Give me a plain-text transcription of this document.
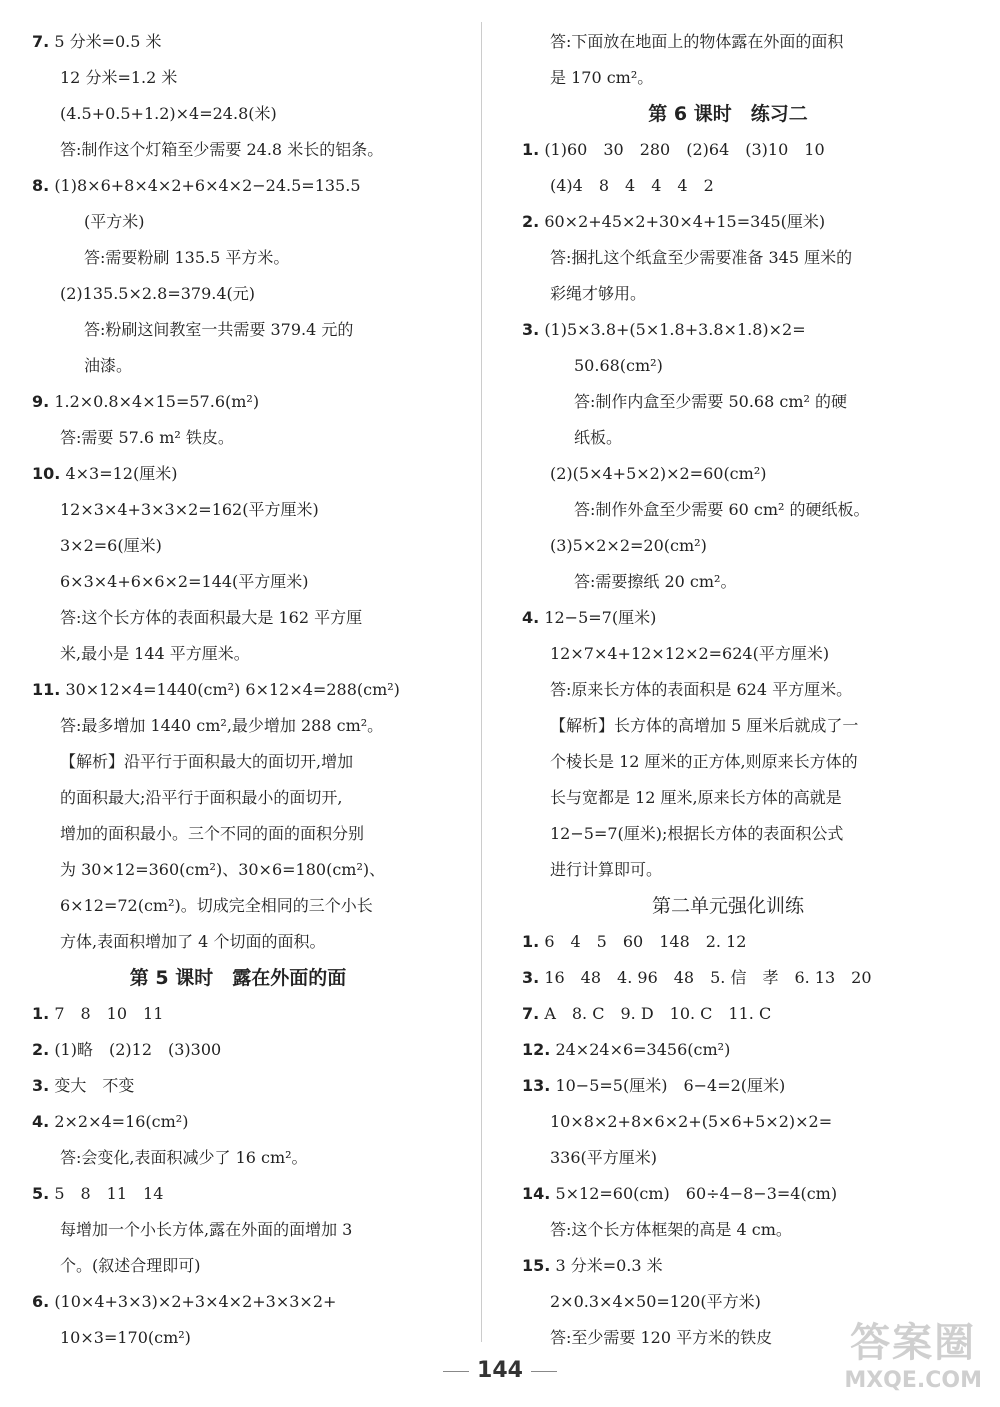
7. 5 分米=0.5 米
12 分米=1.2 米
(4.5+0.5+1.2)×4=24.8(米)
答:制作这个灯箱至少需要 24.8 米长的铝条。
8. (1)8×6+8×4×2+6×4×2−24.5=135.5
(平方米)
答:需要粉刷 135.5 平方米。
(2)135.5×2.8=379.4(元)
答:粉刷这间教室一共需要 379.4 元的
油漆。
9. 1.2×0.8×4×15=57.6(m²)
答:需要 57.6 m² 铁皮。
10. 4×3=12(厘米)
12×3×4+3×3×2=162(平方厘米)
3×2=6(厘米)
6×3×4+6×6×2=144(平方厘米)
答:这个长方体的表面积最大是 162 平方厘
米,最小是 144 平方厘米。
11. 30×12×4=1440(cm²) 6×12×4=288(cm²)
答:最多增加 1440 cm²,最少增加 288 cm²。
【解析】沿平行于面积最大的面切开,增加
的面积最大;沿平行于面积最小的面切开,
增加的面积最小。三个不同的面的面积分别
为 30×12=360(cm²)、30×6=180(cm²)、
6×12=72(cm²)。切成完全相同的三个小长
方体,表面积增加了 4 个切面的面积。
第 5 课时　露在外面的面
1. 7　8　10　11
2. (1)略　(2)12　(3)300
3. 变大　不变
4. 2×2×4=16(cm²)
答:会变化,表面积减少了 16 cm²。
5. 5　8　11　14
每增加一个小长方体,露在外面的面增加 3
个。(叙述合理即可)
6. (10×4+3×3)×2+3×4×2+3×3×2+
10×3=170(cm²)
答:下面放在地面上的物体露在外面的面积
是 170 cm²。
第 6 课时　练习二
1. (1)60　30　280　(2)64　(3)10　10
(4)4　8　4　4　4　2
2. 60×2+45×2+30×4+15=345(厘米)
答:捆扎这个纸盒至少需要准备 345 厘米的
彩绳才够用。
3. (1)5×3.8+(5×1.8+3.8×1.8)×2=
50.68(cm²)
答:制作内盒至少需要 50.68 cm² 的硬
纸板。
(2)(5×4+5×2)×2=60(cm²)
答:制作外盒至少需要 60 cm² 的硬纸板。
(3)5×2×2=20(cm²)
答:需要擦纸 20 cm²。
4. 12−5=7(厘米)
12×7×4+12×12×2=624(平方厘米)
答:原来长方体的表面积是 624 平方厘米。
【解析】长方体的高增加 5 厘米后就成了一
个棱长是 12 厘米的正方体,则原来长方体的
长与宽都是 12 厘米,原来长方体的高就是
12−5=7(厘米);根据长方体的表面积公式
进行计算即可。
第二单元强化训练
1. 6　4　5　60　148　2. 12
3. 16　48　4. 96　48　5. 信　孝　6. 13　20
7. A　8. C　9. D　10. C　11. C
12. 24×24×6=3456(cm²)
13. 10−5=5(厘米)　6−4=2(厘米)
10×8×2+8×6×2+(5×6+5×2)×2=
336(平方厘米)
14. 5×12=60(cm)　60÷4−8−3=4(cm)
答:这个长方体框架的高是 4 cm。
15. 3 分米=0.3 米
2×0.3×4×50=120(平方米)
答:至少需要 120 平方米的铁皮
144
答案圈
MXQE.COM
